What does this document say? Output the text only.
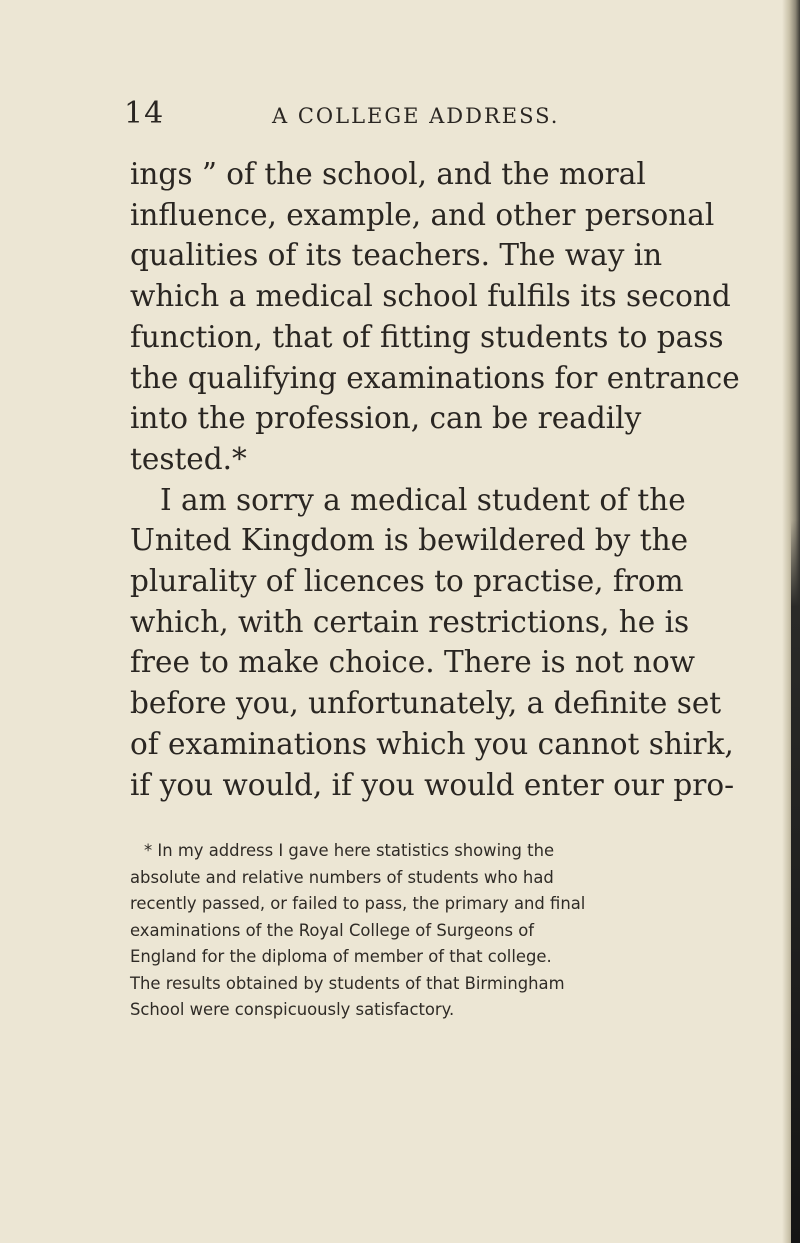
14	A COLLEGE ADDRESS.
ings ” of the school, and the moral
influence, example, and other personal
qualities of its teachers. The way in
which a medical school fulfils its second
function, that of fitting students to pass
the qualifying examinations for entrance
into the profession, can be readily
tested.*
I am sorry a medical student of the
United Kingdom is bewildered by the
plurality of licences to practise, from
which, with certain restrictions, he is
free to make choice. There is not now
before you, unfortunately, a definite set
of examinations which you cannot shirk,
if you would, if you would enter our pro-
* In my address I gave here statistics showing the
absolute and relative numbers of students who had
recently passed, or failed to pass, the primary and final
examinations of the Royal College of Surgeons of
England for the diploma of member of that college.
The results obtained by students of that Birmingham
School were conspicuously satisfactory.
